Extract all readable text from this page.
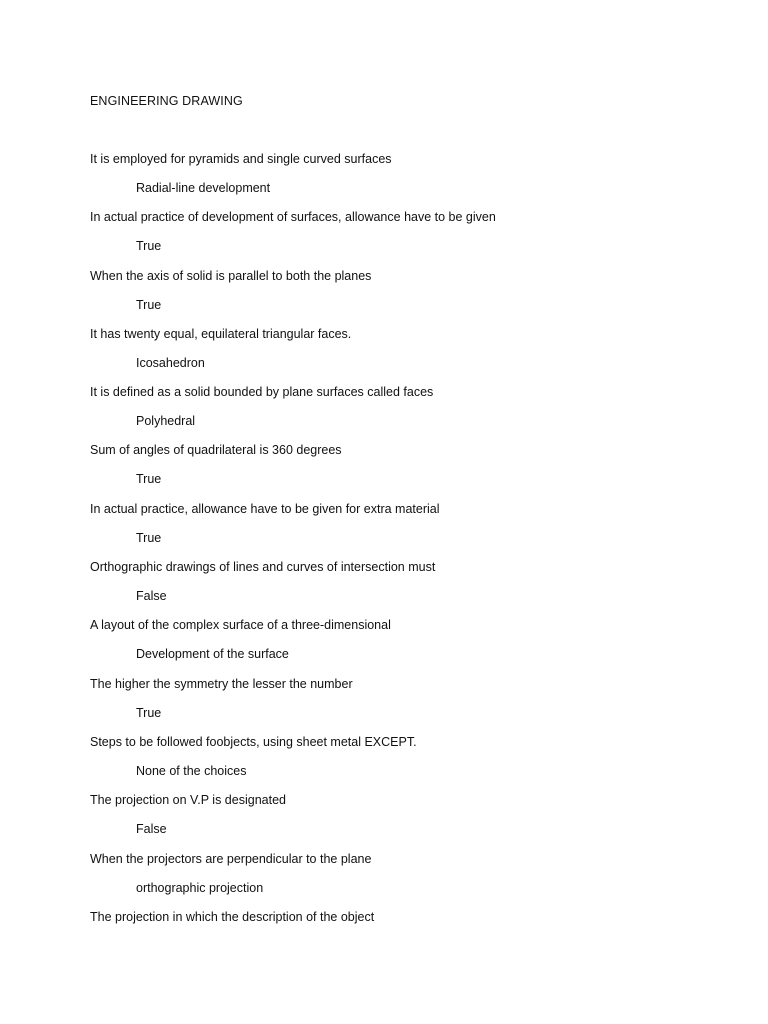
ENGINEERING DRAWING
It is employed for pyramids and single curved surfaces
Radial-line development
In actual practice of development of surfaces, allowance have to be given
True
When the axis of solid is parallel to both the planes
True
It has twenty equal, equilateral triangular faces.
Icosahedron
It is defined as a solid bounded by plane surfaces called faces
Polyhedral
Sum of angles of quadrilateral is 360 degrees
True
In actual practice, allowance have to be given for extra material
True
Orthographic drawings of lines and curves of intersection must
False
A layout of the complex surface of a three-dimensional
Development of the surface
The higher the symmetry the lesser the number
True
Steps to be followed foobjects, using sheet metal EXCEPT.
None of the choices
The projection on V.P is designated
False
When the projectors are perpendicular to the plane
orthographic projection
The projection in which the description of the object
